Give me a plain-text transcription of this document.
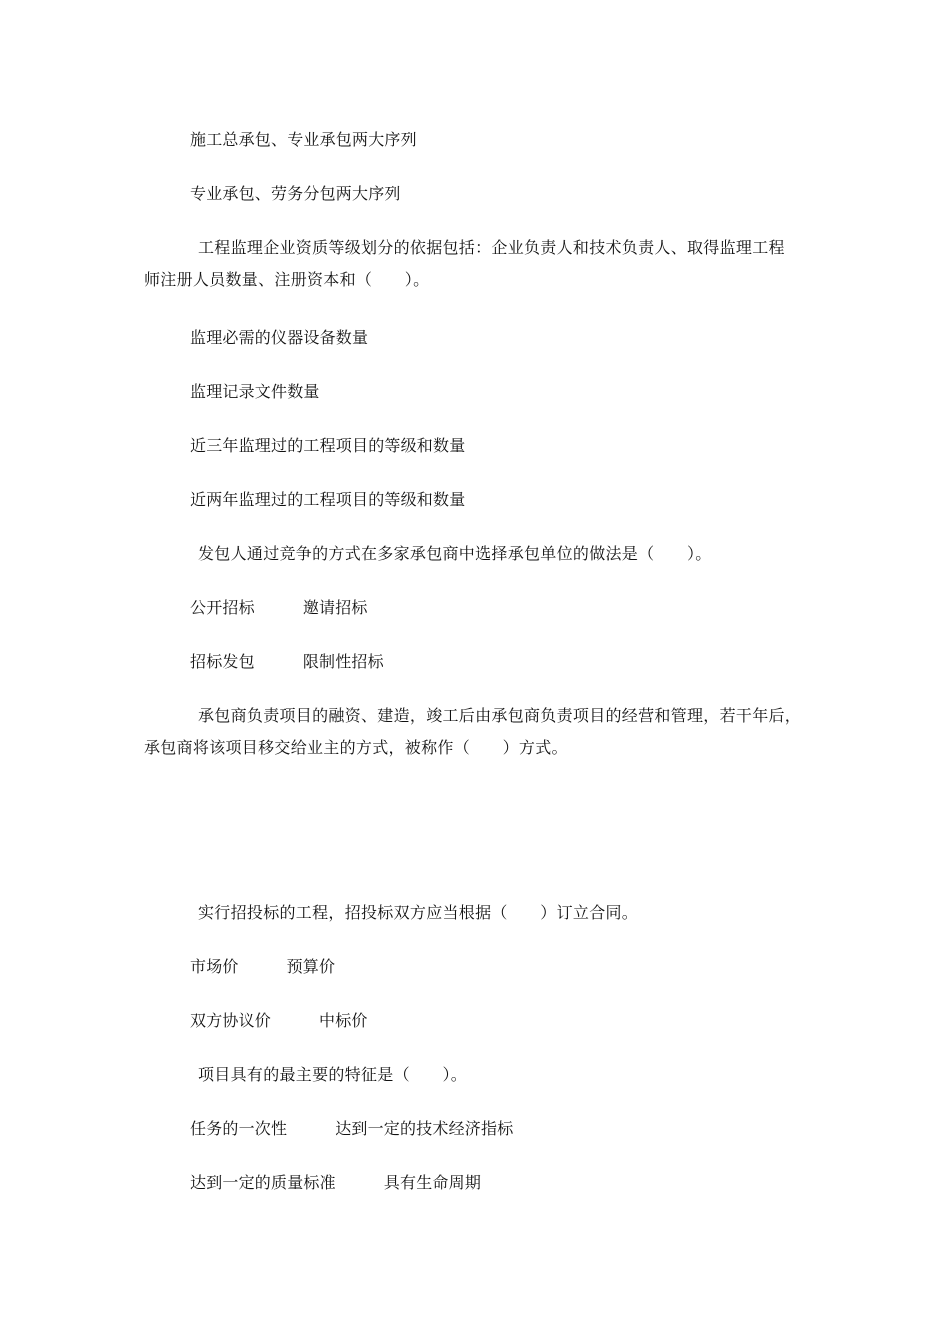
施工总承包、专业承包两大序列
专业承包、劳务分包两大序列
工程监理企业资质等级划分的依据包括：企业负责人和技术负责人、取得监理工程
师注册人员数量、注册资本和（　　）。
监理必需的仪器设备数量
监理记录文件数量
近三年监理过的工程项目的等级和数量
近两年监理过的工程项目的等级和数量
发包人通过竞争的方式在多家承包商中选择承包单位的做法是（　　）。
公开招标	邀请招标
招标发包	限制性招标
承包商负责项目的融资、建造，竣工后由承包商负责项目的经营和管理，若干年后，
承包商将该项目移交给业主的方式，被称作（　　）方式。
实行招投标的工程，招投标双方应当根据（　　）订立合同。
市场价	预算价
双方协议价	中标价
项目具有的最主要的特征是（　　）。
任务的一次性	达到一定的技术经济指标
达到一定的质量标准	具有生命周期
